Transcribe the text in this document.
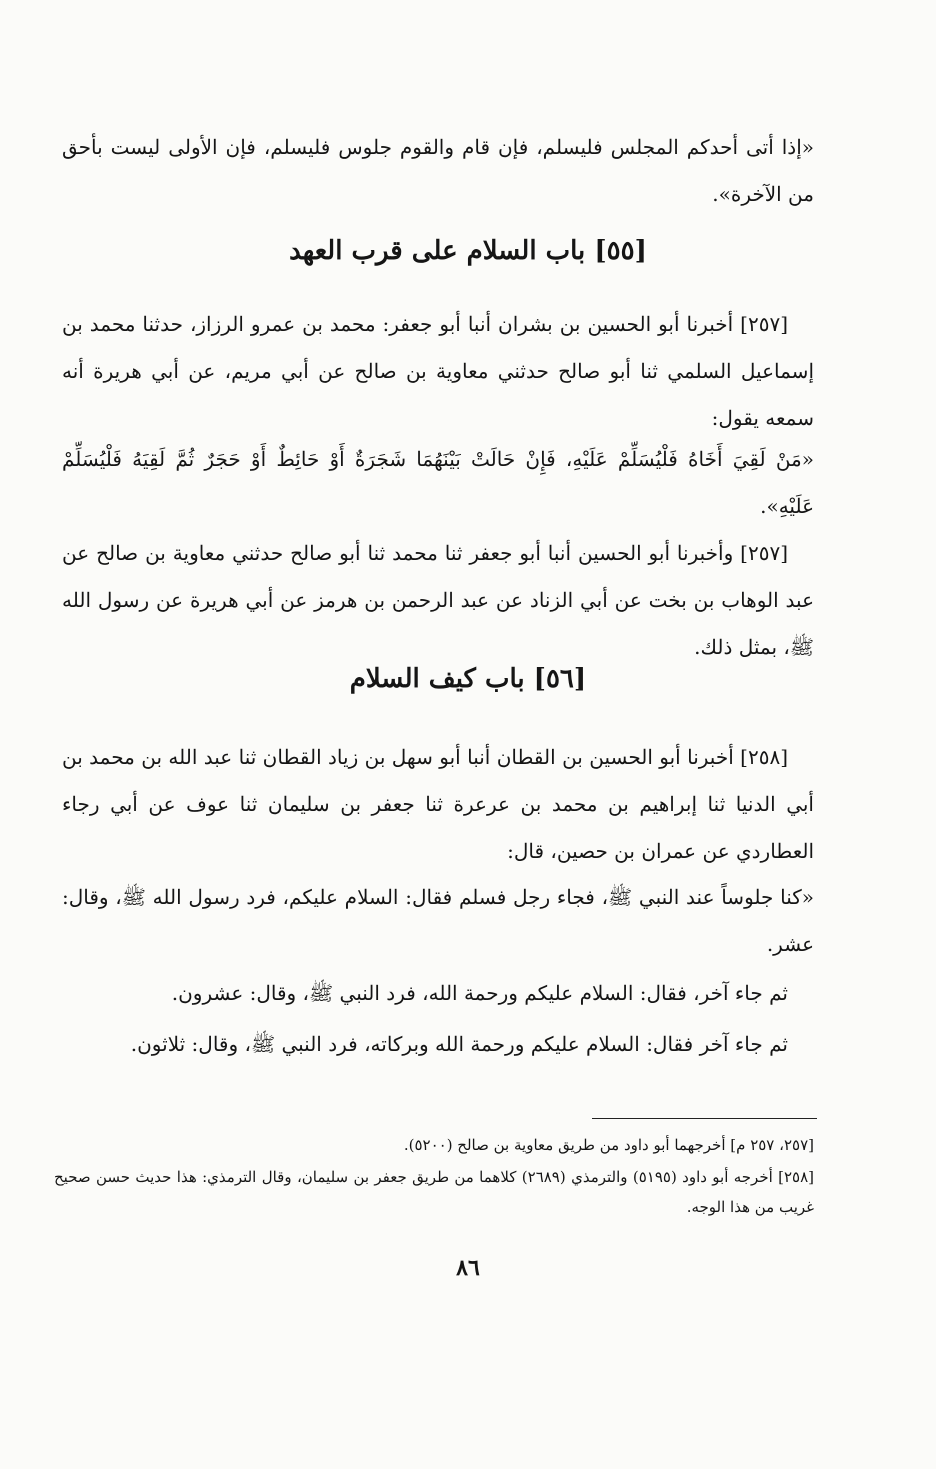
«إذا أتى أحدكم المجلس فليسلم، فإن قام والقوم جلوس فليسلم، فإن الأولى ليست بأحق من الآخرة».

[٥٥] باب السلام على قرب العهد

[٢٥٧] أخبرنا أبو الحسين بن بشران أنبا أبو جعفر: محمد بن عمرو الرزاز، حدثنا محمد بن إسماعيل السلمي ثنا أبو صالح حدثني معاوية بن صالح عن أبي مريم، عن أبي هريرة أنه سمعه يقول:

«مَنْ لَقِيَ أَخَاهُ فَلْيُسَلِّمْ عَلَيْهِ، فَإِنْ حَالَتْ بَيْنَهُمَا شَجَرَةٌ أَوْ حَائِطٌ أَوْ حَجَرٌ ثُمَّ لَقِيَهُ فَلْيُسَلِّمْ عَلَيْهِ».

[٢٥٧] وأخبرنا أبو الحسين أنبا أبو جعفر ثنا محمد ثنا أبو صالح حدثني معاوية بن صالح عن عبد الوهاب بن بخت عن أبي الزناد عن عبد الرحمن بن هرمز عن أبي هريرة عن رسول الله ﷺ، بمثل ذلك.

[٥٦] باب كيف السلام

[٢٥٨] أخبرنا أبو الحسين بن القطان أنبا أبو سهل بن زياد القطان ثنا عبد الله بن محمد بن أبي الدنيا ثنا إبراهيم بن محمد بن عرعرة ثنا جعفر بن سليمان ثنا عوف عن أبي رجاء العطاردي عن عمران بن حصين، قال:

«كنا جلوساً عند النبي ﷺ، فجاء رجل فسلم فقال: السلام عليكم، فرد رسول الله ﷺ، وقال: عشر.

ثم جاء آخر، فقال: السلام عليكم ورحمة الله، فرد النبي ﷺ، وقال: عشرون.

ثم جاء آخر فقال: السلام عليكم ورحمة الله وبركاته، فرد النبي ﷺ، وقال: ثلاثون.

[٢٥٧، ٢٥٧ م] أخرجهما أبو داود من طريق معاوية بن صالح (٥٢٠٠).

[٢٥٨] أخرجه أبو داود (٥١٩٥) والترمذي (٢٦٨٩) كلاهما من طريق جعفر بن سليمان، وقال الترمذي: هذا حديث حسن صحيح غريب من هذا الوجه.

٨٦
